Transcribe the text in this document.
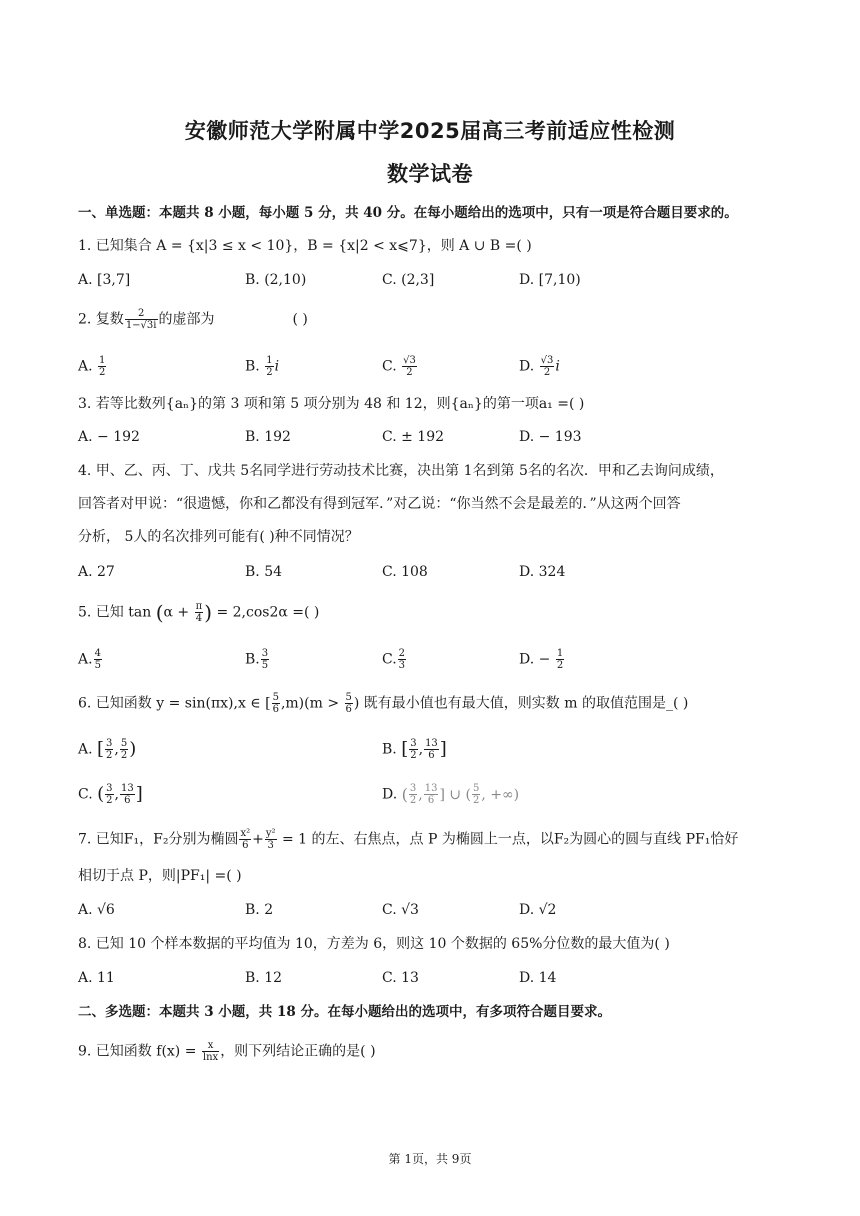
安徽师范大学附属中学2025届高三考前适应性检测
数学试卷
一、单选题：本题共 8 小题，每小题 5 分，共 40 分。在每小题给出的选项中，只有一项是符合题目要求的。
1. 已知集合 A = {x|3 ≤ x < 10}，B = {x|2 < x⩽7}，则 A ∪ B =( )
A. [3,7]	B. (2,10)	C. (2,3]	D. [7,10)
2. 复数 $\frac{2}{1-√3i}$ 的虚部为	( )
A. $\frac{1}{2}$	B. $\frac{1}{2}$ i	C. $\frac{√3}{2}$	D. $\frac{√3}{2}$ i
3. 若等比数列{aₙ}的第 3 项和第 5 项分别为 48 和 12，则{aₙ}的第一项a₁ =( )
A. − 192	B. 192	C. ± 192	D. − 193
4. 甲、乙、丙、丁、戊共 5名同学进行劳动技术比赛，决出第 1名到第 5名的名次．甲和乙去询问成绩，
回答者对甲说：“很遗憾，你和乙都没有得到冠军．”对乙说：“你当然不会是最差的．”从这两个回答
分析， 5人的名次排列可能有( )种不同情况？
A. 27	B. 54	C. 108	D. 324
5. 已知 $\tan (\alpha + \frac{\pi}{4}$ ) = 2,cos2α =( )
A. $\frac{4}{5}$	B. $\frac{3}{5}$	C. $\frac{2}{3}$	D. − $\frac{1}{2}$
6. 已知函数 y = sin(πx),x ∈ [ $\frac{5}{6} ,m)(m > \frac{5}{6}$ ) 既有最小值也有最大值，则实数 m 的取值范围是_( )
A. [ $\frac{3}{2}$ , $\frac{5}{2}$ )	B. [ $\frac{3}{2}$ , $\frac{13}{6}$ ]
C. ( $\frac{3}{2}$ , $\frac{13}{6}$ ]	D. ( $\frac{3}{2}$ , $\frac{13}{6}$ ] ∪ ( $\frac{5}{2}$ , +∞)
7. 已知F₁，F₂分别为椭圆 $\frac{\text{x²}}{6} + \frac{\text{y²}}{3} = 1$ 的左、右焦点，点 P 为椭圆上一点，以F₂为圆心的圆与直线 PF₁恰好
相切于点 P，则|PF₁| =( )
A. √6	B. 2	C. √3	D. √2
8. 已知 10 个样本数据的平均值为 10，方差为 6，则这 10 个数据的 65%分位数的最大值为( )
A. 11	B. 12	C. 13	D. 14
二、多选题：本题共 3 小题，共 18 分。在每小题给出的选项中，有多项符合题目要求。
9. 已知函数 $f(x) = \frac{x}{\ln x}$ ，则下列结论正确的是( )
第 1页，共 9页
